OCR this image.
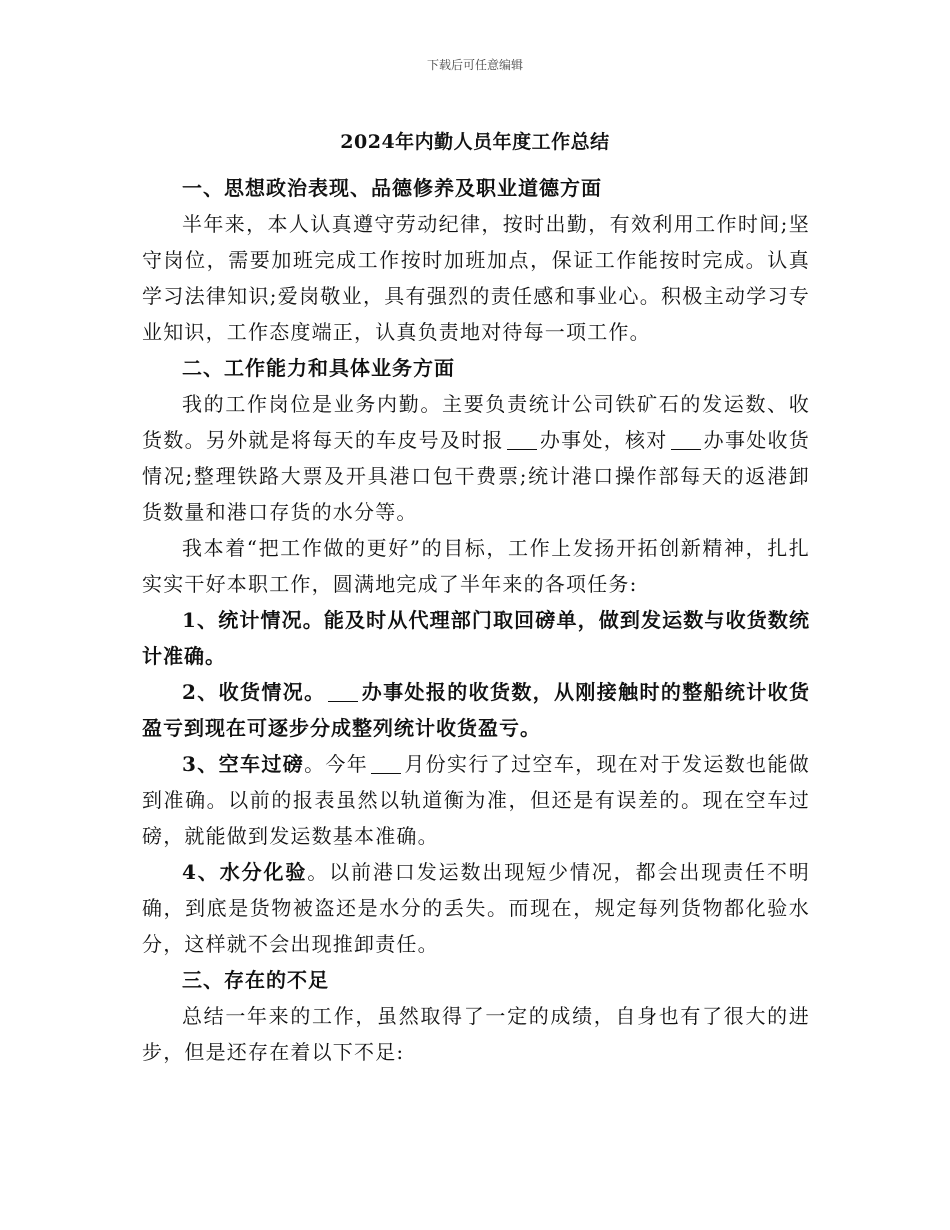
下载后可任意编辑
2024年内勤人员年度工作总结

一、思想政治表现、品德修养及职业道德方面

半年来，本人认真遵守劳动纪律，按时出勤，有效利用工作时间;坚守岗位，需要加班完成工作按时加班加点，保证工作能按时完成。认真学习法律知识;爱岗敬业，具有强烈的责任感和事业心。积极主动学习专业知识，工作态度端正，认真负责地对待每一项工作。

二、工作能力和具体业务方面

我的工作岗位是业务内勤。主要负责统计公司铁矿石的发运数、收货数。另外就是将每天的车皮号及时报 办事处，核对 办事处收货情况;整理铁路大票及开具港口包干费票;统计港口操作部每天的返港卸货数量和港口存货的水分等。

我本着“把工作做的更好”的目标，工作上发扬开拓创新精神，扎扎实实干好本职工作，圆满地完成了半年来的各项任务:

1、统计情况。能及时从代理部门取回磅单，做到发运数与收货数统计准确。

2、收货情况。 办事处报的收货数，从刚接触时的整船统计收货盈亏到现在可逐步分成整列统计收货盈亏。

3、空车过磅。今年 月份实行了过空车，现在对于发运数也能做到准确。以前的报表虽然以轨道衡为准，但还是有误差的。现在空车过磅，就能做到发运数基本准确。

4、水分化验。以前港口发运数出现短少情况，都会出现责任不明确，到底是货物被盗还是水分的丢失。而现在，规定每列货物都化验水分，这样就不会出现推卸责任。

三、存在的不足

总结一年来的工作，虽然取得了一定的成绩，自身也有了很大的进步，但是还存在着以下不足:
